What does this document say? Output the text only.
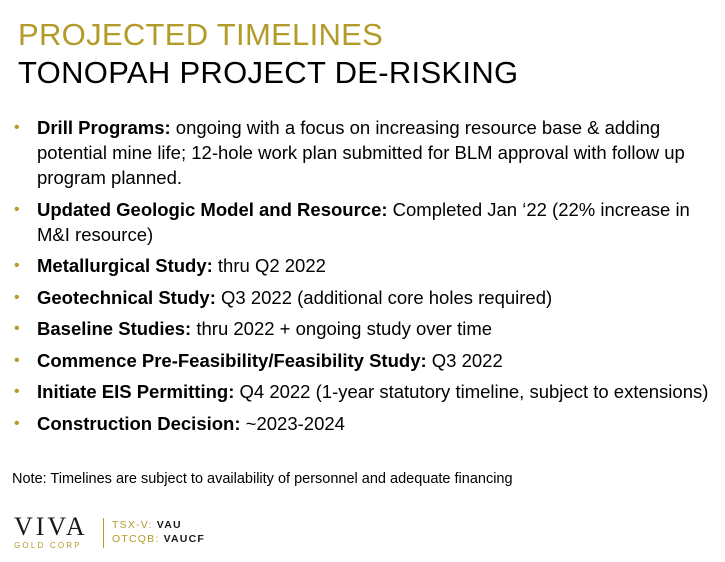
PROJECTED TIMELINES
TONOPAH PROJECT DE-RISKING
• Drill Programs: ongoing with a focus on increasing resource base & adding potential mine life; 12-hole work plan submitted for BLM approval with follow up program planned.
• Updated Geologic Model and Resource: Completed Jan ‘22 (22% increase in M&I resource)
• Metallurgical Study: thru Q2 2022
• Geotechnical Study: Q3 2022 (additional core holes required)
• Baseline Studies: thru 2022 + ongoing study over time
• Commence Pre-Feasibility/Feasibility Study: Q3 2022
• Initiate EIS Permitting: Q4 2022 (1-year statutory timeline, subject to extensions)
• Construction Decision: ~2023-2024
Note: Timelines are subject to availability of personnel and adequate financing
VIVA
GOLD CORP
TSX-V: VAU
OTCQB: VAUCF
